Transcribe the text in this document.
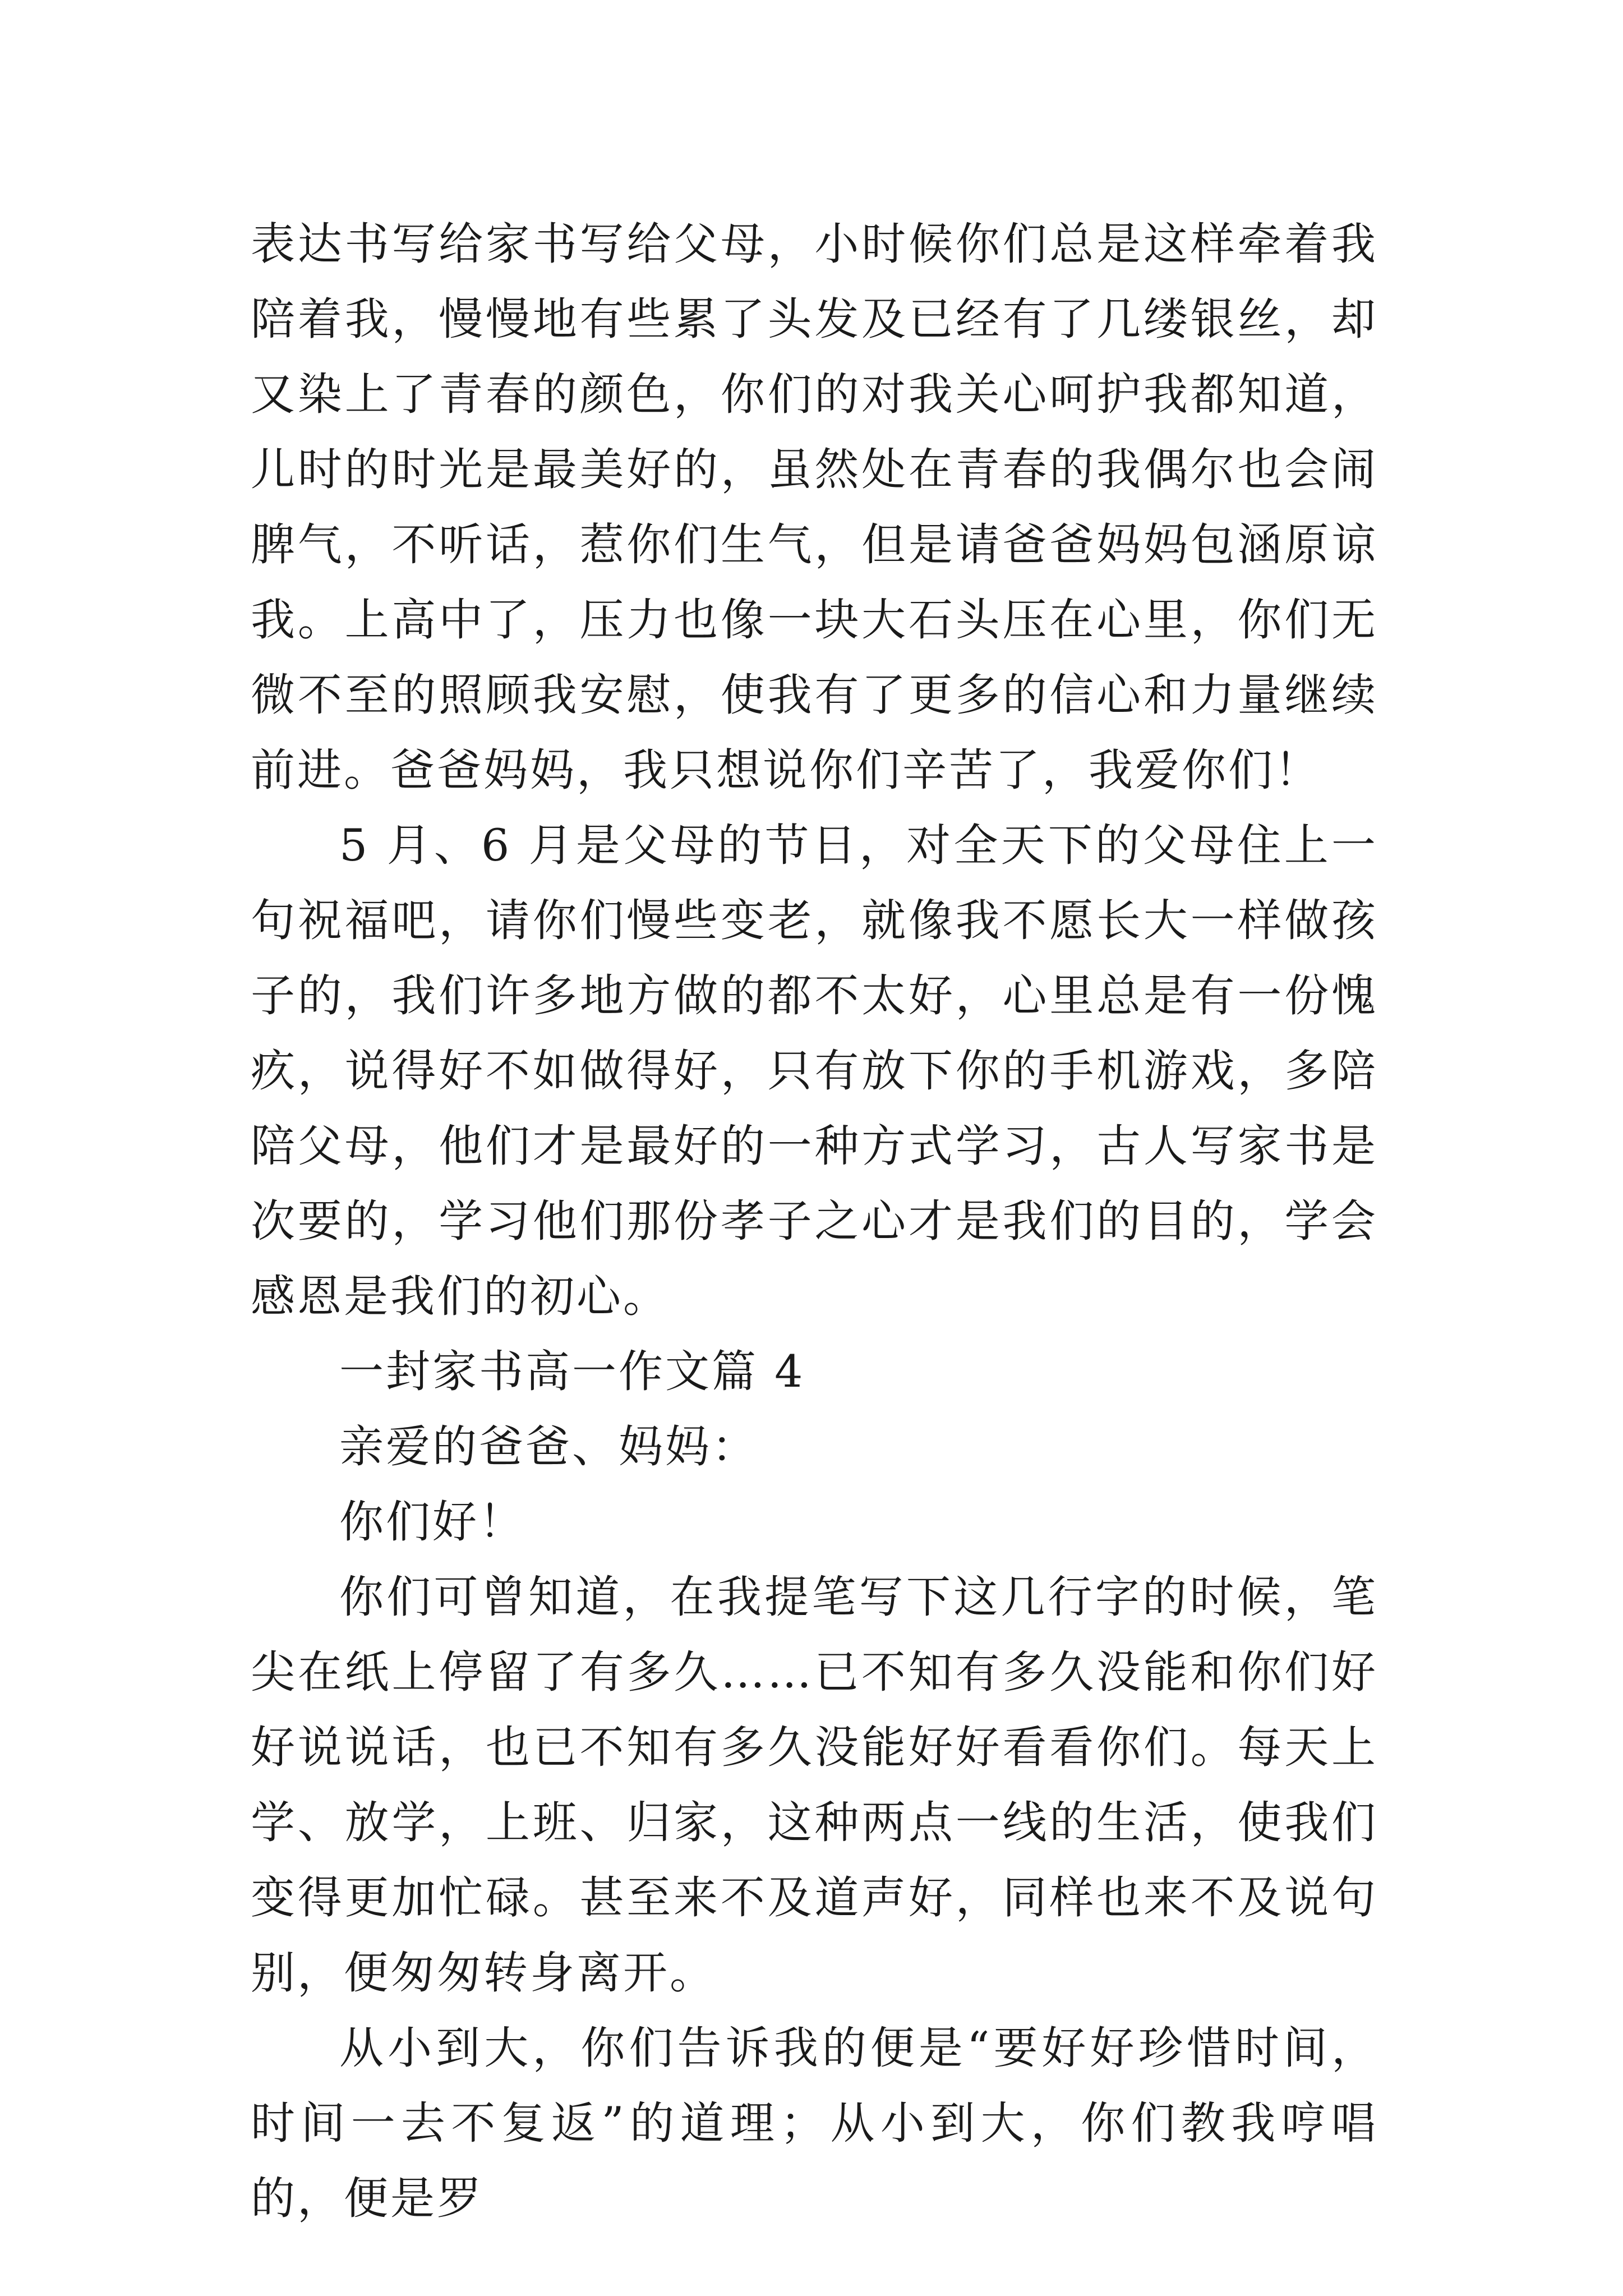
表达书写给家书写给父母，小时候你们总是这样牵着我陪着我，慢慢地有些累了头发及已经有了几缕银丝，却又染上了青春的颜色，你们的对我关心呵护我都知道，儿时的时光是最美好的，虽然处在青春的我偶尔也会闹脾气，不听话，惹你们生气，但是请爸爸妈妈包涵原谅我。上高中了，压力也像一块大石头压在心里，你们无微不至的照顾我安慰，使我有了更多的信心和力量继续前进。爸爸妈妈，我只想说你们辛苦了，我爱你们！

5 月、6 月是父母的节日，对全天下的父母住上一句祝福吧，请你们慢些变老，就像我不愿长大一样做孩子的，我们许多地方做的都不太好，心里总是有一份愧疚，说得好不如做得好，只有放下你的手机游戏，多陪陪父母，他们才是最好的一种方式学习，古人写家书是次要的，学习他们那份孝子之心才是我们的目的，学会感恩是我们的初心。

一封家书高一作文篇 4

亲爱的爸爸、妈妈：

你们好！

你们可曾知道，在我提笔写下这几行字的时候，笔尖在纸上停留了有多久……已不知有多久没能和你们好好说说话，也已不知有多久没能好好看看你们。每天上学、放学，上班、归家，这种两点一线的生活，使我们变得更加忙碌。甚至来不及道声好，同样也来不及说句别，便匆匆转身离开。

从小到大，你们告诉我的便是“要好好珍惜时间，时间一去不复返”的道理；从小到大，你们教我哼唱的，便是罗
